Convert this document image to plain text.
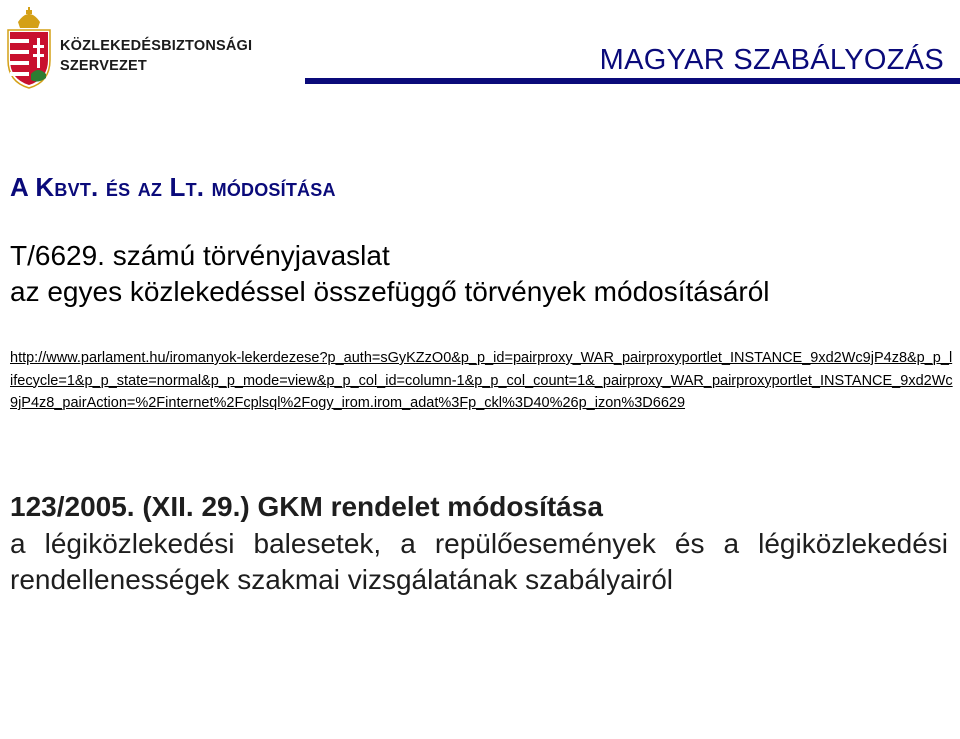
KÖZLEKEDÉSBIZTONSÁGI
SZERVEZET	MAGYAR SZABÁLYOZÁS
A Kbvt. és az Lt. módosítása

T/6629. számú törvényjavaslat

az egyes közlekedéssel összefüggő törvények módosításáról

http://www.parlament.hu/iromanyok-lekerdezese?p_auth=sGyKZzO0&p_p_id=pairproxy_WAR_pairproxyportlet_INSTANCE_9xd2Wc9jP4z8&p_p_lifecycle=1&p_p_state=normal&p_p_mode=view&p_p_col_id=column-1&p_p_col_count=1&_pairproxy_WAR_pairproxyportlet_INSTANCE_9xd2Wc9jP4z8_pairAction=%2Finternet%2Fcplsql%2Fogy_irom.irom_adat%3Fp_ckl%3D40%26p_izon%3D6629

123/2005. (XII. 29.) GKM rendelet módosítása

a légiközlekedési balesetek, a repülőesemények és a légiközlekedési rendellenességek szakmai vizsgálatának szabályairól
